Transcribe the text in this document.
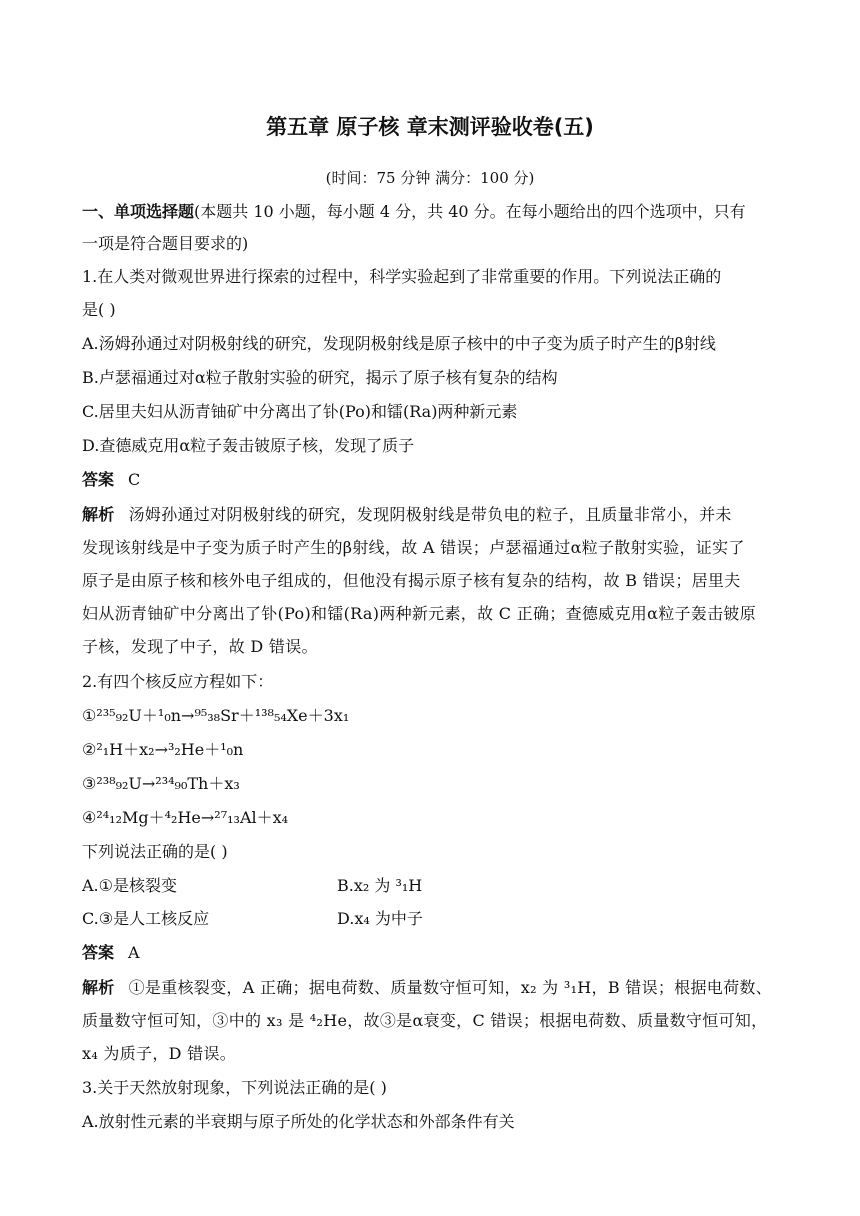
第五章 原子核 章末测评验收卷(五)
(时间：75 分钟 满分：100 分)
一、单项选择题(本题共 10 小题，每小题 4 分，共 40 分。在每小题给出的四个选项中，只有
一项是符合题目要求的)
1.在人类对微观世界进行探索的过程中，科学实验起到了非常重要的作用。下列说法正确的
是( )
A.汤姆孙通过对阴极射线的研究，发现阴极射线是原子核中的中子变为质子时产生的β射线
B.卢瑟福通过对α粒子散射实验的研究，揭示了原子核有复杂的结构
C.居里夫妇从沥青铀矿中分离出了钋(Po)和镭(Ra)两种新元素
D.查德威克用α粒子轰击铍原子核，发现了质子
答案 C
解析 汤姆孙通过对阴极射线的研究，发现阴极射线是带负电的粒子，且质量非常小，并未
发现该射线是中子变为质子时产生的β射线，故 A 错误；卢瑟福通过α粒子散射实验，证实了
原子是由原子核和核外电子组成的，但他没有揭示原子核有复杂的结构，故 B 错误；居里夫
妇从沥青铀矿中分离出了钋(Po)和镭(Ra)两种新元素，故 C 正确；查德威克用α粒子轰击铍原
子核，发现了中子，故 D 错误。
2.有四个核反应方程如下：
①²³⁵₉₂U＋¹₀n→⁹⁵₃₈Sr＋¹³⁸₅₄Xe＋3x₁
②²₁H＋x₂→³₂He＋¹₀n
③²³⁸₉₂U→²³⁴₉₀Th＋x₃
④²⁴₁₂Mg＋⁴₂He→²⁷₁₃Al＋x₄
下列说法正确的是( )
A.①是核裂变	B.x₂ 为 ³₁H
C.③是人工核反应	D.x₄ 为中子
答案 A
解析 ①是重核裂变，A 正确；据电荷数、质量数守恒可知，x₂ 为 ³₁H，B 错误；根据电荷数、
质量数守恒可知，③中的 x₃ 是 ⁴₂He，故③是α衰变，C 错误；根据电荷数、质量数守恒可知，
x₄ 为质子，D 错误。
3.关于天然放射现象，下列说法正确的是( )
A.放射性元素的半衰期与原子所处的化学状态和外部条件有关
